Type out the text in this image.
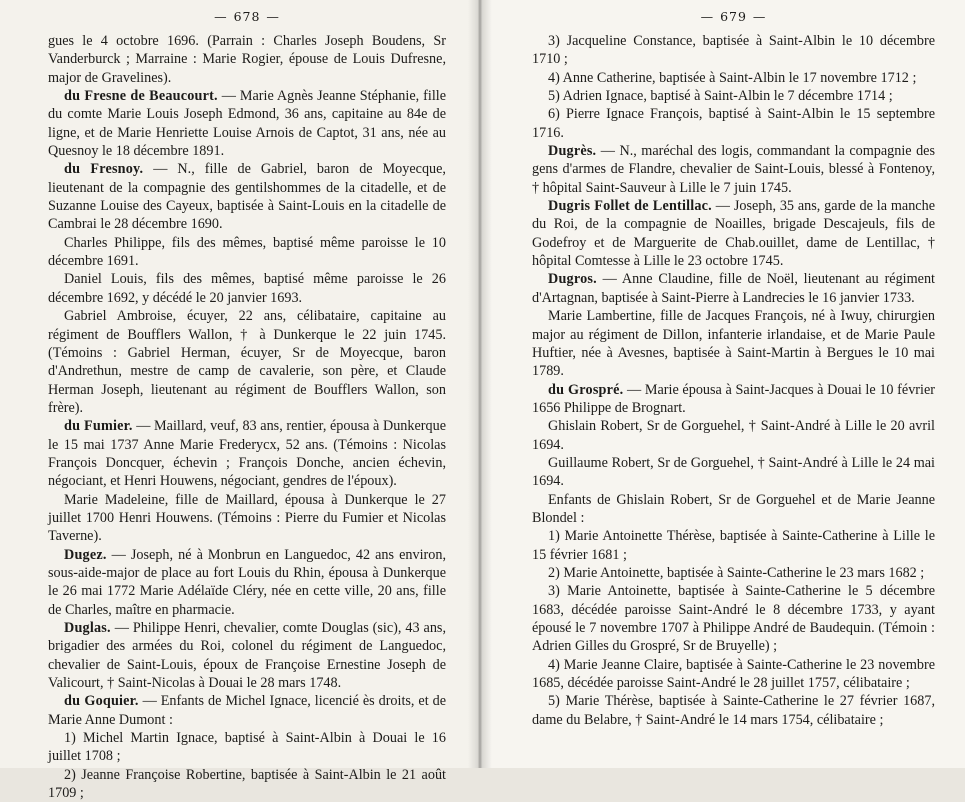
— 678 —

gues le 4 octobre 1696. (Parrain : Charles Joseph Boudens, Sr Vanderburck ; Marraine : Marie Rogier, épouse de Louis Dufresne, major de Gravelines).

du Fresne de Beaucourt. — Marie Agnès Jeanne Stéphanie, fille du comte Marie Louis Joseph Edmond, 36 ans, capitaine au 84e de ligne, et de Marie Henriette Louise Arnois de Captot, 31 ans, née au Quesnoy le 18 décembre 1891.

du Fresnoy. — N., fille de Gabriel, baron de Moyecque, lieutenant de la compagnie des gentilshommes de la citadelle, et de Suzanne Louise des Cayeux, baptisée à Saint-Louis en la citadelle de Cambrai le 28 décembre 1690.

Charles Philippe, fils des mêmes, baptisé même paroisse le 10 décembre 1691.

Daniel Louis, fils des mêmes, baptisé même paroisse le 26 décembre 1692, y décédé le 20 janvier 1693.

Gabriel Ambroise, écuyer, 22 ans, célibataire, capitaine au régiment de Boufflers Wallon, † à Dunkerque le 22 juin 1745. (Témoins : Gabriel Herman, écuyer, Sr de Moyecque, baron d'Andrethun, mestre de camp de cavalerie, son père, et Claude Herman Joseph, lieutenant au régiment de Boufflers Wallon, son frère).

du Fumier. — Maillard, veuf, 83 ans, rentier, épousa à Dunkerque le 15 mai 1737 Anne Marie Frederycx, 52 ans. (Témoins : Nicolas François Doncquer, échevin ; François Donche, ancien échevin, négociant, et Henri Houwens, négociant, gendres de l'époux).

Marie Madeleine, fille de Maillard, épousa à Dunkerque le 27 juillet 1700 Henri Houwens. (Témoins : Pierre du Fumier et Nicolas Taverne).

Dugez. — Joseph, né à Monbrun en Languedoc, 42 ans environ, sous-aide-major de place au fort Louis du Rhin, épousa à Dunkerque le 26 mai 1772 Marie Adélaïde Cléry, née en cette ville, 20 ans, fille de Charles, maître en pharmacie.

Duglas. — Philippe Henri, chevalier, comte Douglas (sic), 43 ans, brigadier des armées du Roi, colonel du régiment de Languedoc, chevalier de Saint-Louis, époux de Françoise Ernestine Joseph de Valicourt, † Saint-Nicolas à Douai le 28 mars 1748.

du Goquier. — Enfants de Michel Ignace, licencié ès droits, et de Marie Anne Dumont :

1) Michel Martin Ignace, baptisé à Saint-Albin à Douai le 16 juillet 1708 ;

2) Jeanne Françoise Robertine, baptisée à Saint-Albin le 21 août 1709 ;

— 679 —

3) Jacqueline Constance, baptisée à Saint-Albin le 10 décembre 1710 ;

4) Anne Catherine, baptisée à Saint-Albin le 17 novembre 1712 ;

5) Adrien Ignace, baptisé à Saint-Albin le 7 décembre 1714 ;

6) Pierre Ignace François, baptisé à Saint-Albin le 15 septembre 1716.

Dugrès. — N., maréchal des logis, commandant la compagnie des gens d'armes de Flandre, chevalier de Saint-Louis, blessé à Fontenoy, † hôpital Saint-Sauveur à Lille le 7 juin 1745.

Dugris Follet de Lentillac. — Joseph, 35 ans, garde de la manche du Roi, de la compagnie de Noailles, brigade Descajeuls, fils de Godefroy et de Marguerite de Chab.ouillet, dame de Lentillac, † hôpital Comtesse à Lille le 23 octobre 1745.

Dugros. — Anne Claudine, fille de Noël, lieutenant au régiment d'Artagnan, baptisée à Saint-Pierre à Landrecies le 16 janvier 1733.

Marie Lambertine, fille de Jacques François, né à Iwuy, chirurgien major au régiment de Dillon, infanterie irlandaise, et de Marie Paule Huftier, née à Avesnes, baptisée à Saint-Martin à Bergues le 10 mai 1789.

du Grospré. — Marie épousa à Saint-Jacques à Douai le 10 février 1656 Philippe de Brognart.

Ghislain Robert, Sr de Gorguehel, † Saint-André à Lille le 20 avril 1694.

Guillaume Robert, Sr de Gorguehel, † Saint-André à Lille le 24 mai 1694.

Enfants de Ghislain Robert, Sr de Gorguehel et de Marie Jeanne Blondel :

1) Marie Antoinette Thérèse, baptisée à Sainte-Catherine à Lille le 15 février 1681 ;

2) Marie Antoinette, baptisée à Sainte-Catherine le 23 mars 1682 ;

3) Marie Antoinette, baptisée à Sainte-Catherine le 5 décembre 1683, décédée paroisse Saint-André le 8 décembre 1733, y ayant épousé le 7 novembre 1707 à Philippe André de Baudequin. (Témoin : Adrien Gilles du Grospré, Sr de Bruyelle) ;

4) Marie Jeanne Claire, baptisée à Sainte-Catherine le 23 novembre 1685, décédée paroisse Saint-André le 28 juillet 1757, célibataire ;

5) Marie Thérèse, baptisée à Sainte-Catherine le 27 février 1687, dame du Belabre, † Saint-André le 14 mars 1754, célibataire ;
